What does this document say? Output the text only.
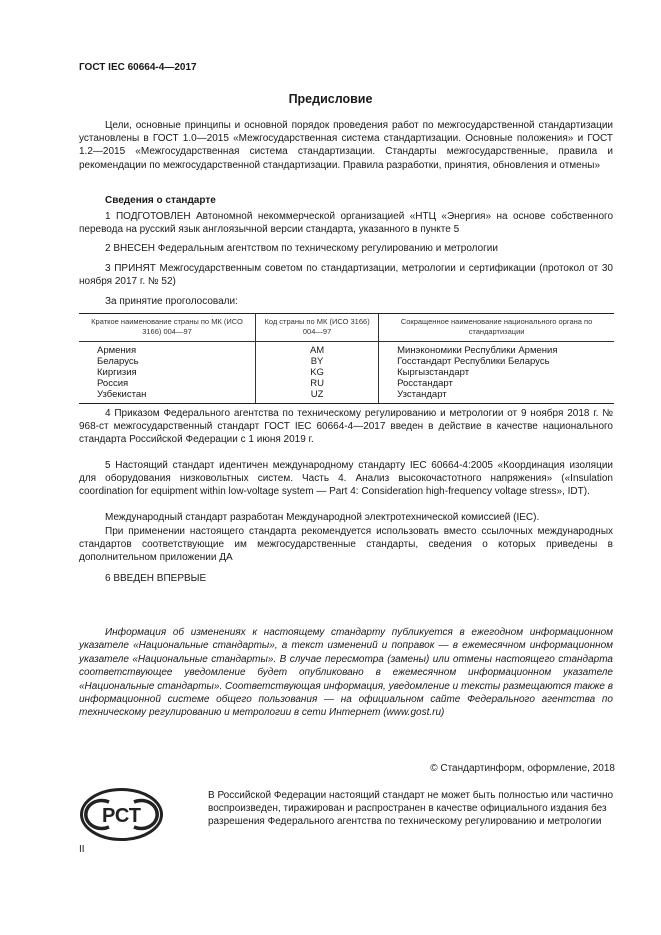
ГОСТ IEC 60664-4—2017
Предисловие
Цели, основные принципы и основной порядок проведения работ по межгосударственной стандартизации установлены в ГОСТ 1.0—2015 «Межгосударственная система стандартизации. Основные положения» и ГОСТ 1.2—2015 «Межгосударственная система стандартизации. Стандарты межгосударственные, правила и рекомендации по межгосударственной стандартизации. Правила разработки, принятия, обновления и отмены»
Сведения о стандарте
1 ПОДГОТОВЛЕН Автономной некоммерческой организацией «НТЦ «Энергия» на основе собственного перевода на русский язык англоязычной версии стандарта, указанного в пункте 5
2 ВНЕСЕН Федеральным агентством по техническому регулированию и метрологии
3 ПРИНЯТ Межгосударственным советом по стандартизации, метрологии и сертификации (протокол от 30 ноября 2017 г. № 52)
За принятие проголосовали:
Краткое наименование страны по МК (ИСО 3166) 004—97	Код страны по МК (ИСО 3166) 004—97	Сокращенное наименование национального органа по стандартизации
Армения	AM	Минэкономики Республики Армения
Беларусь	BY	Госстандарт Республики Беларусь
Киргизия	KG	Кыргызстандарт
Россия	RU	Росстандарт
Узбекистан	UZ	Узстандарт
4 Приказом Федерального агентства по техническому регулированию и метрологии от 9 ноября 2018 г. № 968-ст межгосударственный стандарт ГОСТ IEC 60664-4—2017 введен в действие в качестве национального стандарта Российской Федерации с 1 июня 2019 г.
5 Настоящий стандарт идентичен международному стандарту IEC 60664-4:2005 «Координация изоляции для оборудования низковольтных систем. Часть 4. Анализ высокочастотного напряжения» («Insulation coordination for equipment within low-voltage system — Part 4: Consideration high-frequency voltage stress», IDT).
Международный стандарт разработан Международной электротехнической комиссией (IEC).
При применении настоящего стандарта рекомендуется использовать вместо ссылочных международных стандартов соответствующие им межгосударственные стандарты, сведения о которых приведены в дополнительном приложении ДА
6 ВВЕДЕН ВПЕРВЫЕ
Информация об изменениях к настоящему стандарту публикуется в ежегодном информационном указателе «Национальные стандарты», а текст изменений и поправок — в ежемесячном информационном указателе «Национальные стандарты». В случае пересмотра (замены) или отмены настоящего стандарта соответствующее уведомление будет опубликовано в ежемесячном информационном указателе «Национальные стандарты». Соответствующая информация, уведомление и тексты размещаются также в информационной системе общего пользования — на официальном сайте Федерального агентства по техническому регулированию и метрологии в сети Интернет (www.gost.ru)
© Стандартинформ, оформление, 2018
РСТ
В Российской Федерации настоящий стандарт не может быть полностью или частично воспроизведен, тиражирован и распространен в качестве официального издания без разрешения Федерального агентства по техническому регулированию и метрологии
II
